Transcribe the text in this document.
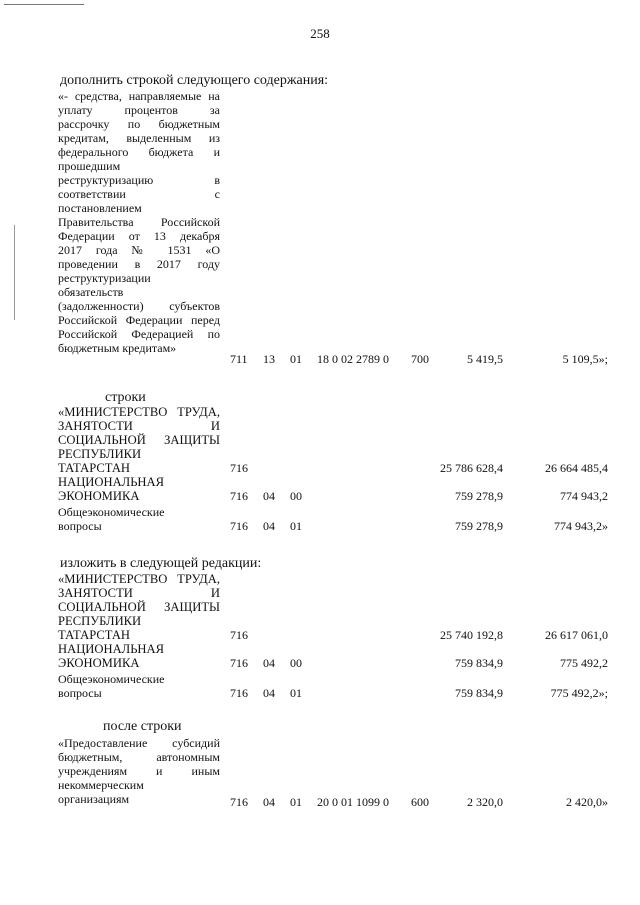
258
дополнить строкой следующего содержания:
«- средства, направляемые на
уплату процентов за
рассрочку по бюджетным
кредитам, выделенным из
федерального бюджета и
прошедшим
реструктуризацию в
соответствии с
постановлением
Правительства Российской
Федерации от 13 декабря
2017 года № 1531 «О
проведении в 2017 году
реструктуризации
обязательств
(задолженности) субъектов
Российской Федерации перед
Российской Федерацией по
бюджетным кредитам»
711 13 01 18 0 02 2789 0 700	5 419,5	5 109,5»;
строки
«МИНИСТЕРСТВО ТРУДА,
ЗАНЯТОСТИ И
СОЦИАЛЬНОЙ ЗАЩИТЫ
РЕСПУБЛИКИ
ТАТАРСТАН	716	25 786 628,4	26 664 485,4
НАЦИОНАЛЬНАЯ
ЭКОНОМИКА	716 04 00	759 278,9	774 943,2
Общеэкономические
вопросы	716 04 01	759 278,9	774 943,2»
изложить в следующей редакции:
«МИНИСТЕРСТВО ТРУДА,
ЗАНЯТОСТИ И
СОЦИАЛЬНОЙ ЗАЩИТЫ
РЕСПУБЛИКИ
ТАТАРСТАН	716	25 740 192,8	26 617 061,0
НАЦИОНАЛЬНАЯ
ЭКОНОМИКА	716 04 00	759 834,9	775 492,2
Общеэкономические
вопросы	716 04 01	759 834,9	775 492,2»;
после строки
«Предоставление субсидий
бюджетным, автономным
учреждениям и иным
некоммерческим
организациям	716 04 01 20 0 01 1099 0 600	2 320,0	2 420,0»
